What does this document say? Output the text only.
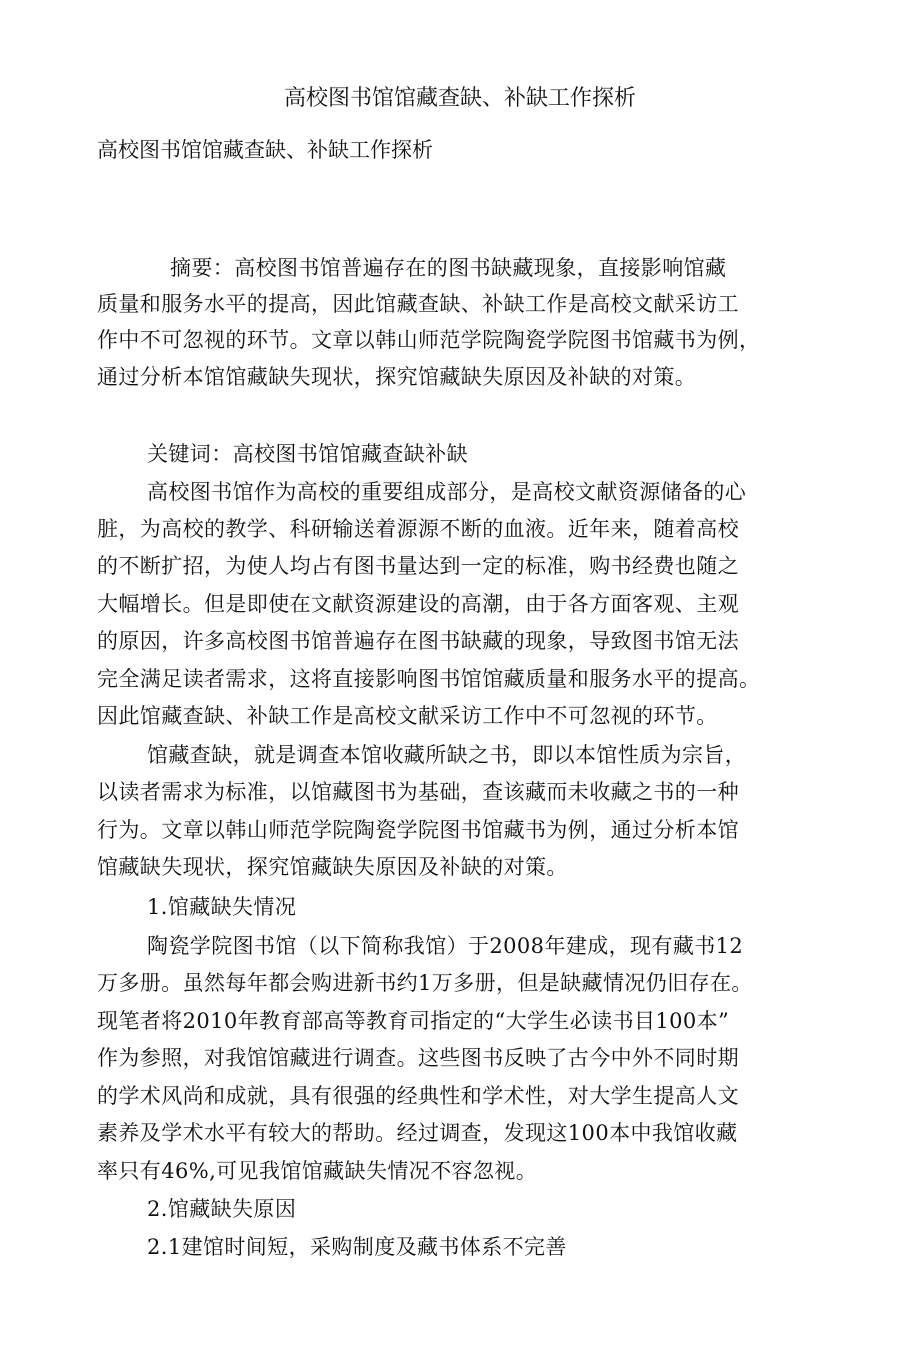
高校图书馆馆藏查缺、补缺工作探析
高校图书馆馆藏查缺、补缺工作探析
摘要：高校图书馆普遍存在的图书缺藏现象，直接影响馆藏
质量和服务水平的提高，因此馆藏查缺、补缺工作是高校文献采访工
作中不可忽视的环节。文章以韩山师范学院陶瓷学院图书馆藏书为例，
通过分析本馆馆藏缺失现状，探究馆藏缺失原因及补缺的对策。
关键词：高校图书馆馆藏查缺补缺
高校图书馆作为高校的重要组成部分，是高校文献资源储备的心
脏，为高校的教学、科研输送着源源不断的血液。近年来，随着高校
的不断扩招，为使人均占有图书量达到一定的标准，购书经费也随之
大幅增长。但是即使在文献资源建设的高潮，由于各方面客观、主观
的原因，许多高校图书馆普遍存在图书缺藏的现象，导致图书馆无法
完全满足读者需求，这将直接影响图书馆馆藏质量和服务水平的提高。
因此馆藏查缺、补缺工作是高校文献采访工作中不可忽视的环节。
馆藏查缺，就是调查本馆收藏所缺之书，即以本馆性质为宗旨，
以读者需求为标准，以馆藏图书为基础，查该藏而未收藏之书的一种
行为。文章以韩山师范学院陶瓷学院图书馆藏书为例，通过分析本馆
馆藏缺失现状，探究馆藏缺失原因及补缺的对策。
1.馆藏缺失情况
陶瓷学院图书馆（以下简称我馆）于2008年建成，现有藏书12
万多册。虽然每年都会购进新书约1万多册，但是缺藏情况仍旧存在。
现笔者将2010年教育部高等教育司指定的“大学生必读书目100本”
作为参照，对我馆馆藏进行调查。这些图书反映了古今中外不同时期
的学术风尚和成就，具有很强的经典性和学术性，对大学生提高人文
素养及学术水平有较大的帮助。经过调查，发现这100本中我馆收藏
率只有46%,可见我馆馆藏缺失情况不容忽视。
2.馆藏缺失原因
2.1建馆时间短，采购制度及藏书体系不完善
